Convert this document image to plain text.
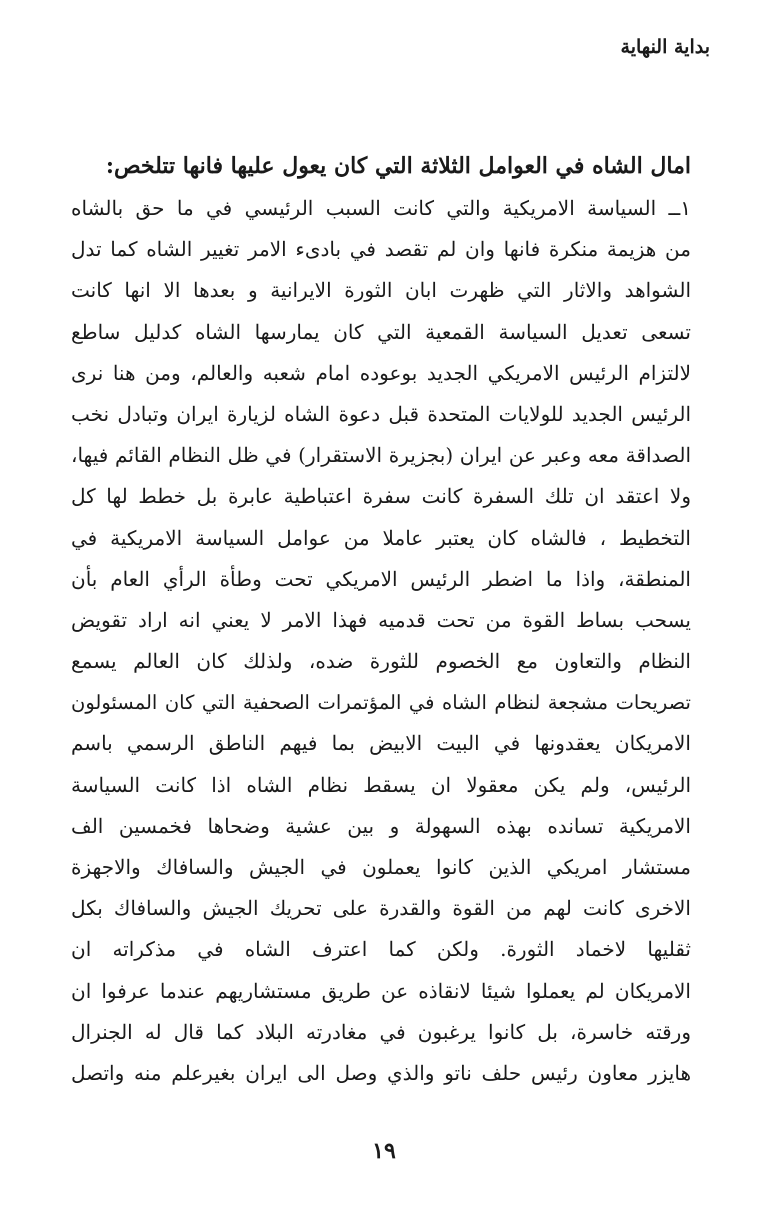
بداية النهاية

امال الشاه في العوامل الثلاثة التي كان يعول عليها فانها تتلخص:

١ــ السياسة الامريكية والتي كانت السبب الرئيسي في ما حق بالشاه
من هزيمة منكرة فانها وان لم تقصد في بادىء الامر تغيير الشاه كما تدل
الشواهد والاثار التي ظهرت ابان الثورة الايرانية و بعدها الا انها كانت
تسعى تعديل السياسة القمعية التي كان يمارسها الشاه كدليل ساطع
لالتزام الرئيس الامريكي الجديد بوعوده امام شعبه والعالم، ومن هنا نرى
الرئيس الجديد للولايات المتحدة قبل دعوة الشاه لزيارة ايران وتبادل نخب
الصداقة معه وعبر عن ايران (بجزيرة الاستقرار) في ظل النظام القائم فيها،
ولا اعتقد ان تلك السفرة كانت سفرة اعتباطية عابرة بل خطط لها كل
التخطيط ، فالشاه كان يعتبر عاملا من عوامل السياسة الامريكية في
المنطقة، واذا ما اضطر الرئيس الامريكي تحت وطأة الرأي العام بأن
يسحب بساط القوة من تحت قدميه فهذا الامر لا يعني انه اراد تقويض
النظام والتعاون مع الخصوم للثورة ضده، ولذلك كان العالم يسمع
تصريحات مشجعة لنظام الشاه في المؤتمرات الصحفية التي كان المسئولون
الامريكان يعقدونها في البيت الابيض بما فيهم الناطق الرسمي باسم
الرئيس، ولم يكن معقولا ان يسقط نظام الشاه اذا كانت السياسة
الامريكية تسانده بهذه السهولة و بين عشية وضحاها فخمسين الف
مستشار امريكي الذين كانوا يعملون في الجيش والسافاك والاجهزة
الاخرى كانت لهم من القوة والقدرة على تحريك الجيش والسافاك بكل
ثقليها لاخماد الثورة. ولكن كما اعترف الشاه في مذكراته ان
الامريكان لم يعملوا شيئا لانقاذه عن طريق مستشاريهم عندما عرفوا ان
ورقته خاسرة، بل كانوا يرغبون في مغادرته البلاد كما قال له الجنرال
هايزر معاون رئيس حلف ناتو والذي وصل الى ايران بغيرعلم منه واتصل

١٩
